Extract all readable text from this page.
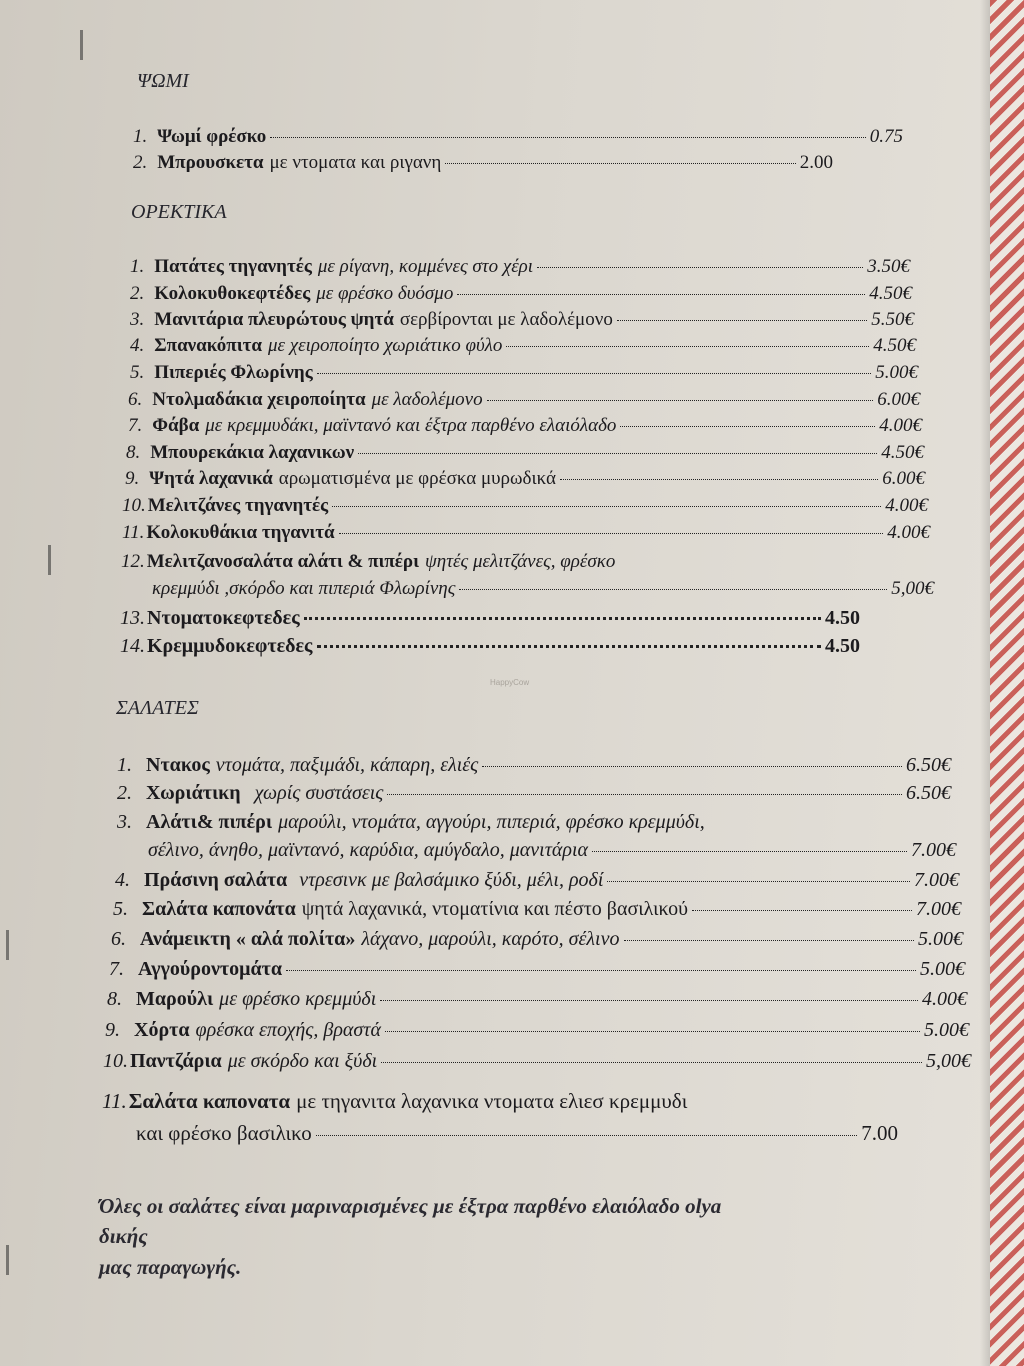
HappyCow
ΨΩΜΙ
1. Ψωμί φρέσκο	0.75
2. Μπρουσκετα με ντοματα και ριγανη	2.00
ΟΡΕΚΤΙΚΑ
1. Πατάτες τηγανητές με ρίγανη, κομμένες στο χέρι	3.50€
2. Κολοκυθοκεφτέδες με φρέσκο δυόσμο	4.50€
3. Μανιτάρια πλευρώτους ψητά σερβίρονται με λαδολέμονο	5.50€
4. Σπανακόπιτα με χειροποίητο χωριάτικο φύλο	4.50€
5. Πιπεριές Φλωρίνης	5.00€
6. Ντολμαδάκια χειροποίητα με λαδολέμονο	6.00€
7. Φάβα με κρεμμυδάκι, μαϊντανό και έξτρα παρθένο ελαιόλαδο	4.00€
8. Μπουρεκάκια λαχανικων	4.50€
9. Ψητά λαχανικά αρωματισμένα με φρέσκα μυρωδικά	6.00€
10. Μελιτζάνες τηγανητές	4.00€
11. Κολοκυθάκια τηγανιτά	4.00€
12. Μελιτζανοσαλάτα αλάτι & πιπέρι ψητές μελιτζάνες, φρέσκο
κρεμμύδι ,σκόρδο και πιπεριά Φλωρίνης	5,00€
13. Ντοματοκεφτεδες	4.50
14. Κρεμμυδοκεφτεδες	4.50
ΣΑΛΑΤΕΣ
1. Ντακος ντομάτα, παξιμάδι, κάπαρη, ελιές	6.50€
2. Χωριάτικη χωρίς συστάσεις	6.50€
3. Αλάτι& πιπέρι μαρούλι, ντομάτα, αγγούρι, πιπεριά, φρέσκο κρεμμύδι,
σέλινο, άνηθο, μαϊντανό, καρύδια, αμύγδαλο, μανιτάρια	7.00€
4. Πράσινη σαλάτα ντρεσινκ με βαλσάμικο ξύδι, μέλι, ροδί	7.00€
5. Σαλάτα καπονάτα ψητά λαχανικά, ντοματίνια και πέστο βασιλικού	7.00€
6. Ανάμεικτη « αλά πολίτα» λάχανο, μαρούλι, καρότο, σέλινο	5.00€
7. Αγγούροντομάτα	5.00€
8. Μαρούλι με φρέσκο κρεμμύδι	4.00€
9. Χόρτα φρέσκα εποχής, βραστά	5.00€
10. Παντζάρια με σκόρδο και ξύδι	5,00€
11. Σαλάτα καπονατα με τηγανιτα λαχανικα ντοματα ελιεσ κρεμμυδι
και φρέσκο βασιλικο	7.00
Όλες οι σαλάτες είναι μαριναρισμένες με έξτρα παρθένο ελαιόλαδο olya
δικής
μας παραγωγής.
